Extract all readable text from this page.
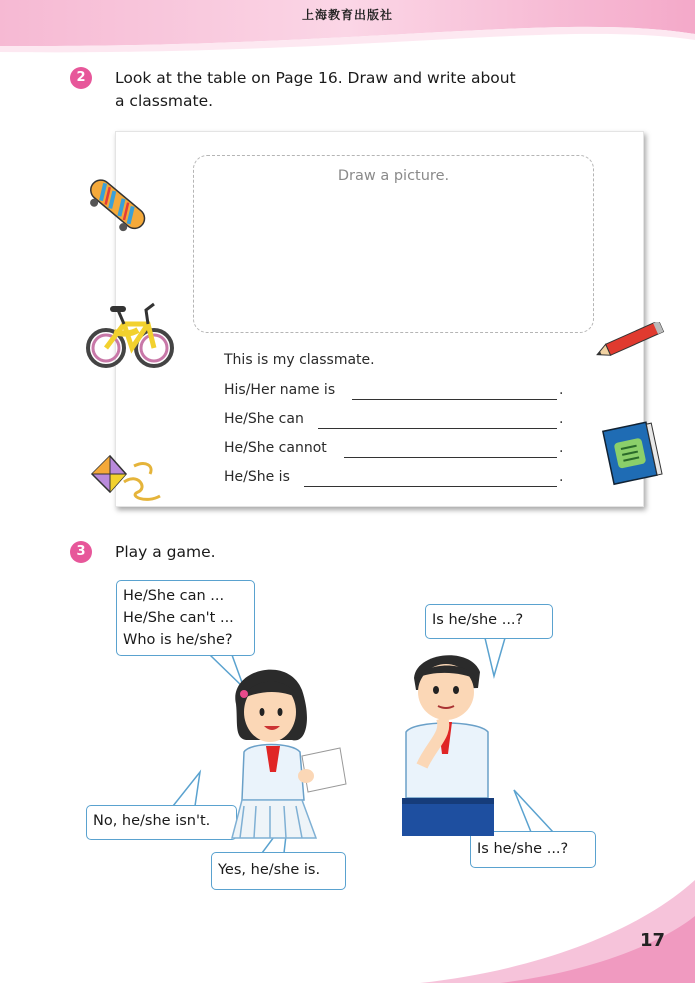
上海教育出版社
2	Look at the table on Page 16. Draw and write about
a classmate.
Draw a picture.
This is my classmate.
His/Her name is	.
He/She can	.
He/She cannot	.
He/She is	.
3	Play a game.
He/She can ...
He/She can't ...
Who is he/she?
Is he/she ...?
No, he/she isn't.
Yes, he/she is.
Is he/she ...?
17
